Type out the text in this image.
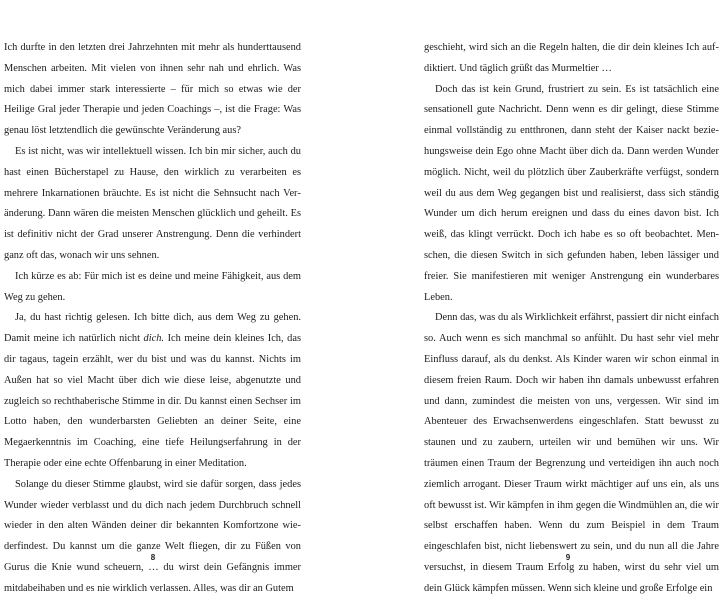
Ich durfte in den letzten drei Jahrzehnten mit mehr als hunderttausend Menschen arbeiten. Mit vielen von ihnen sehr nah und ehrlich. Was mich dabei immer stark interessierte – für mich so etwas wie der Heilige Gral jeder Therapie und jeden Coachings –, ist die Frage: Was genau löst letztendlich die gewünschte Veränderung aus?

Es ist nicht, was wir intellektuell wissen. Ich bin mir sicher, auch du hast einen Bücherstapel zu Hause, den wirklich zu verarbeiten es mehrere Inkarnationen bräuchte. Es ist nicht die Sehnsucht nach Veränderung. Dann wären die meisten Menschen glücklich und geheilt. Es ist definitiv nicht der Grad unserer Anstrengung. Denn die verhindert ganz oft das, wonach wir uns sehnen.

Ich kürze es ab: Für mich ist es deine und meine Fähigkeit, aus dem Weg zu gehen.

Ja, du hast richtig gelesen. Ich bitte dich, aus dem Weg zu gehen. Damit meine ich natürlich nicht dich. Ich meine dein kleines Ich, das dir tagaus, tagein erzählt, wer du bist und was du kannst. Nichts im Außen hat so viel Macht über dich wie diese leise, abgenutzte und zugleich so rechthaberische Stimme in dir. Du kannst einen Sechser im Lotto haben, den wunderbarsten Geliebten an deiner Seite, eine Megaerkenntnis im Coaching, eine tiefe Heilungserfahrung in der Therapie oder eine echte Offenbarung in einer Meditation.

Solange du dieser Stimme glaubst, wird sie dafür sorgen, dass jedes Wunder wieder verblasst und du dich nach jedem Durchbruch schnell wieder in den alten Wänden deiner dir bekannten Komfortzone wiederfindest. Du kannst um die ganze Welt fliegen, dir zu Füßen von Gurus die Knie wund scheuern, … du wirst dein Gefängnis immer mitdabeihaben und es nie wirklich verlassen. Alles, was dir an Gutem

geschieht, wird sich an die Regeln halten, die dir dein kleines Ich aufdiktiert. Und täglich grüßt das Murmeltier …

Doch das ist kein Grund, frustriert zu sein. Es ist tatsächlich eine sensationell gute Nachricht. Denn wenn es dir gelingt, diese Stimme einmal vollständig zu entthronen, dann steht der Kaiser nackt beziehungsweise dein Ego ohne Macht über dich da. Dann werden Wunder möglich. Nicht, weil du plötzlich über Zauberkräfte verfügst, sondern weil du aus dem Weg gegangen bist und realisierst, dass sich ständig Wunder um dich herum ereignen und dass du eines davon bist. Ich weiß, das klingt verrückt. Doch ich habe es so oft beobachtet. Menschen, die diesen Switch in sich gefunden haben, leben lässiger und freier. Sie manifestieren mit weniger Anstrengung ein wunderbares Leben.

Denn das, was du als Wirklichkeit erfährst, passiert dir nicht einfach so. Auch wenn es sich manchmal so anfühlt. Du hast sehr viel mehr Einfluss darauf, als du denkst. Als Kinder waren wir schon einmal in diesem freien Raum. Doch wir haben ihn damals unbewusst erfahren und dann, zumindest die meisten von uns, vergessen. Wir sind im Abenteuer des Erwachsenwerdens eingeschlafen. Statt bewusst zu staunen und zu zaubern, urteilen wir und bemühen wir uns. Wir träumen einen Traum der Begrenzung und verteidigen ihn auch noch ziemlich arrogant. Dieser Traum wirkt mächtiger auf uns ein, als uns oft bewusst ist. Wir kämpfen in ihm gegen die Windmühlen an, die wir selbst erschaffen haben. Wenn du zum Beispiel in dem Traum eingeschlafen bist, nicht liebenswert zu sein, und du nun all die Jahre versuchst, in diesem Traum Erfolg zu haben, wirst du sehr viel um dein Glück kämpfen müssen. Wenn sich kleine und große Erfolge ein

8	9
